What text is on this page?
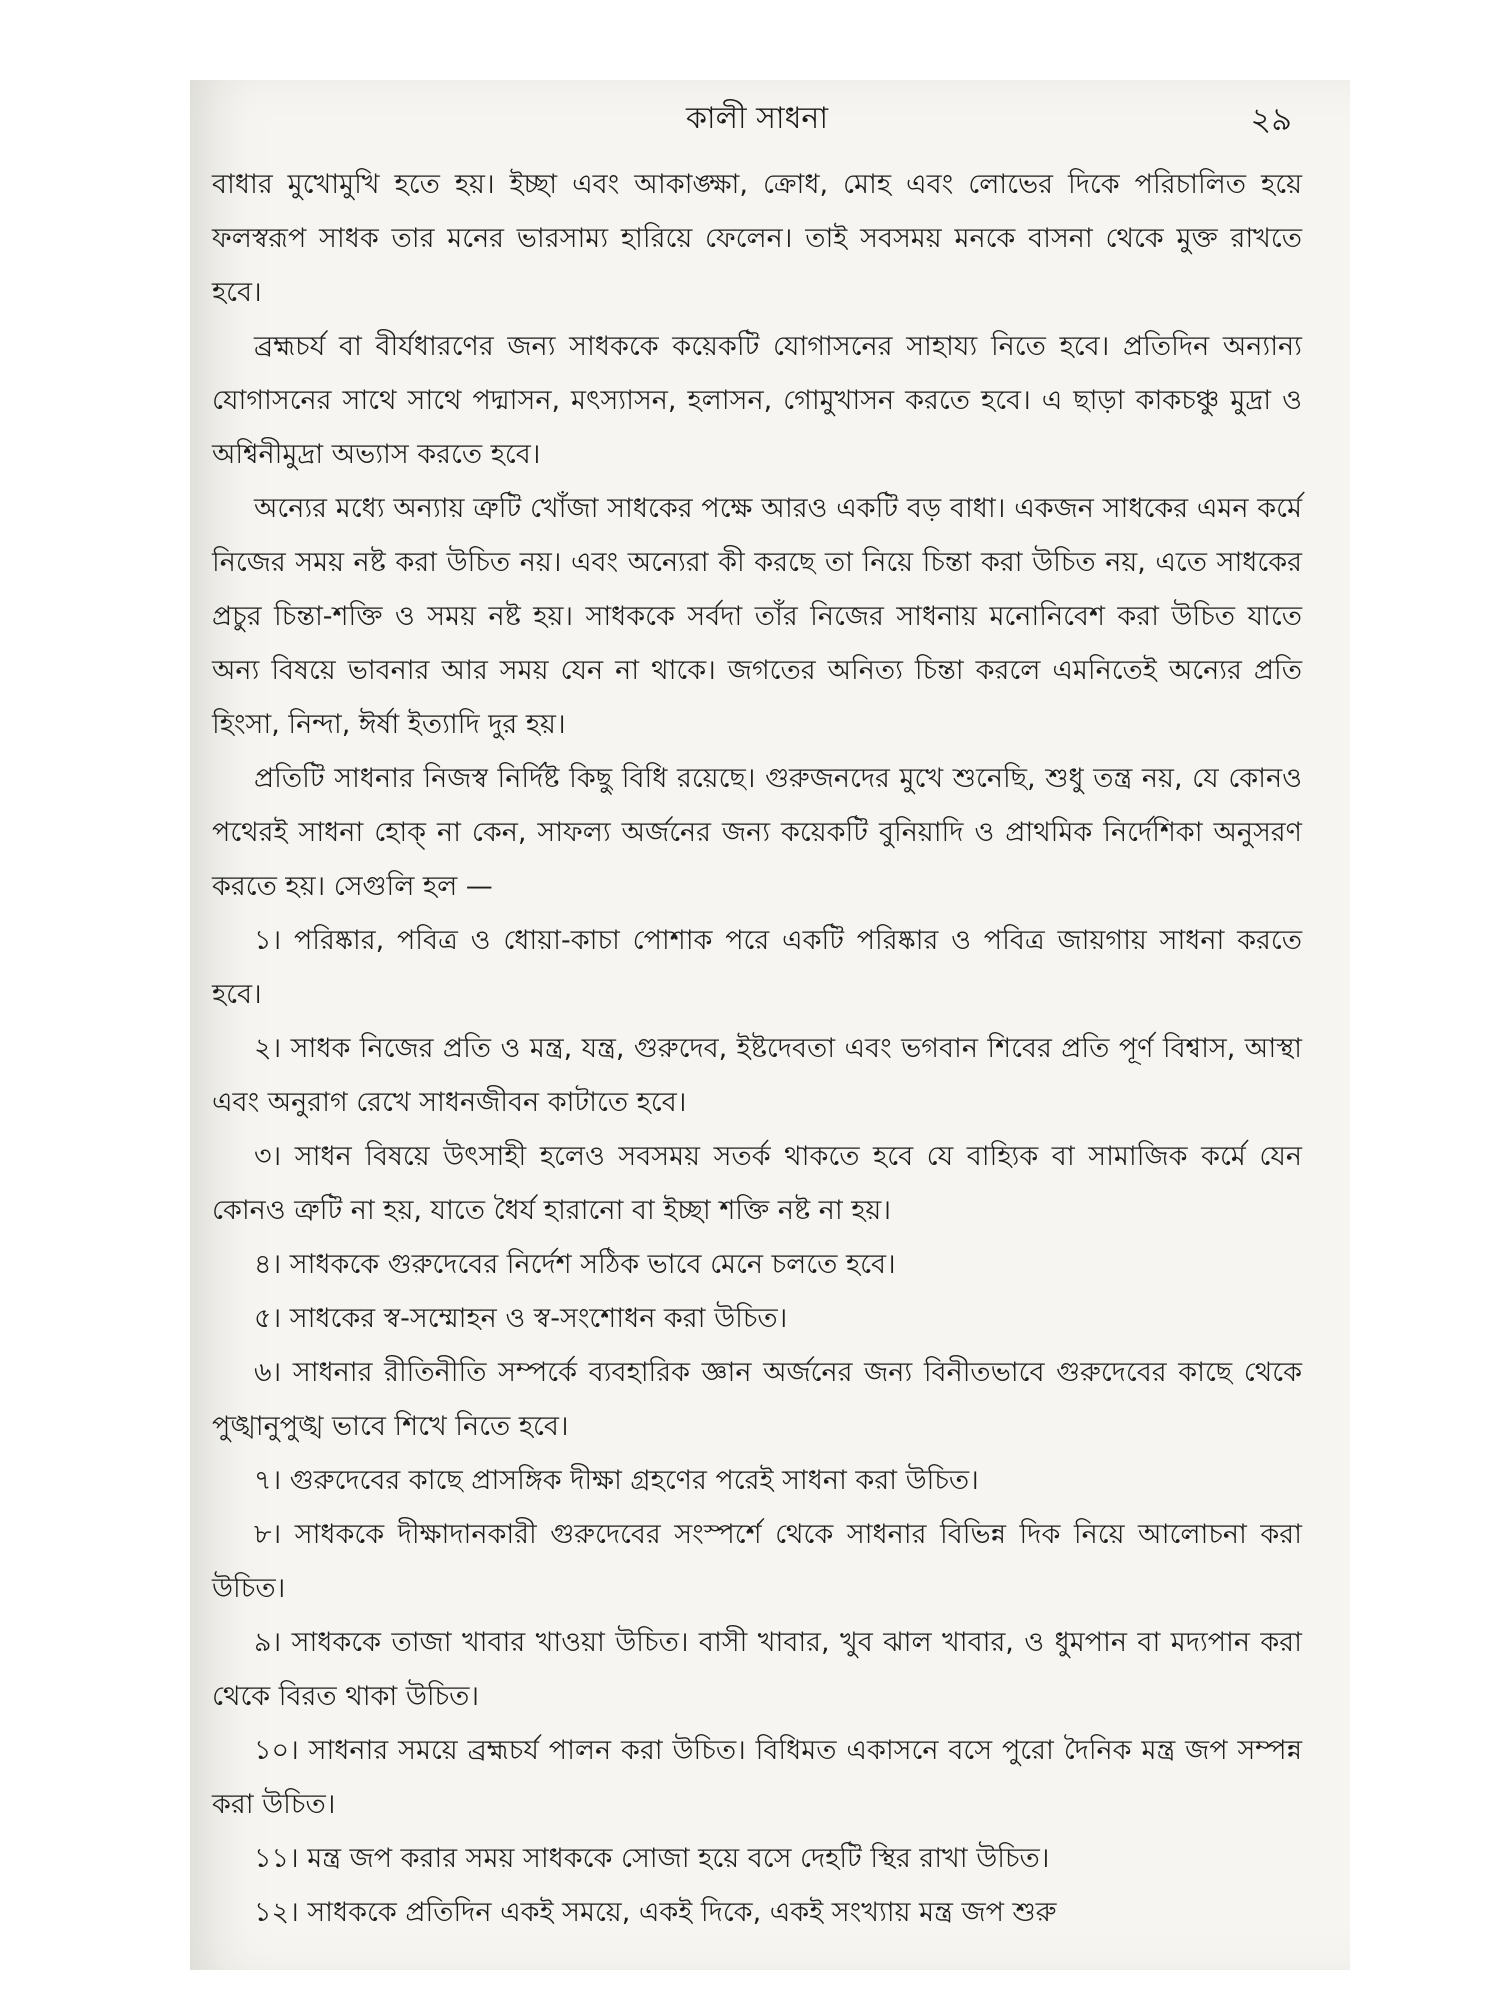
কালী সাধনা	২৯

বাধার মুখোমুখি হতে হয়। ইচ্ছা এবং আকাঙ্ক্ষা, ক্রোধ, মোহ এবং লোভের দিকে পরিচালিত হয়ে ফলস্বরূপ সাধক তার মনের ভারসাম্য হারিয়ে ফেলেন। তাই সবসময় মনকে বাসনা থেকে মুক্ত রাখতে হবে।

ব্রহ্মচর্য বা বীর্যধারণের জন্য সাধককে কয়েকটি যোগাসনের সাহায্য নিতে হবে। প্রতিদিন অন্যান্য যোগাসনের সাথে সাথে পদ্মাসন, মৎস্যাসন, হলাসন, গোমুখাসন করতে হবে। এ ছাড়া কাকচঞ্চু মুদ্রা ও অশ্বিনীমুদ্রা অভ্যাস করতে হবে।

অন্যের মধ্যে অন্যায় ত্রুটি খোঁজা সাধকের পক্ষে আরও একটি বড় বাধা। একজন সাধকের এমন কর্মে নিজের সময় নষ্ট করা উচিত নয়। এবং অন্যেরা কী করছে তা নিয়ে চিন্তা করা উচিত নয়, এতে সাধকের প্রচুর চিন্তা-শক্তি ও সময় নষ্ট হয়। সাধককে সর্বদা তাঁর নিজের সাধনায় মনোনিবেশ করা উচিত যাতে অন্য বিষয়ে ভাবনার আর সময় যেন না থাকে। জগতের অনিত্য চিন্তা করলে এমনিতেই অন্যের প্রতি হিংসা, নিন্দা, ঈর্ষা ইত্যাদি দুর হয়।

প্রতিটি সাধনার নিজস্ব নির্দিষ্ট কিছু বিধি রয়েছে। গুরুজনদের মুখে শুনেছি, শুধু তন্ত্র নয়, যে কোনও পথেরই সাধনা হোক্ না কেন, সাফল্য অর্জনের জন্য কয়েকটি বুনিয়াদি ও প্রাথমিক নির্দেশিকা অনুসরণ করতে হয়। সেগুলি হল —

১। পরিষ্কার, পবিত্র ও ধোয়া-কাচা পোশাক পরে একটি পরিষ্কার ও পবিত্র জায়গায় সাধনা করতে হবে।

২। সাধক নিজের প্রতি ও মন্ত্র, যন্ত্র, গুরুদেব, ইষ্টদেবতা এবং ভগবান শিবের প্রতি পূর্ণ বিশ্বাস, আস্থা এবং অনুরাগ রেখে সাধনজীবন কাটাতে হবে।

৩। সাধন বিষয়ে উৎসাহী হলেও সবসময় সতর্ক থাকতে হবে যে বাহ্যিক বা সামাজিক কর্মে যেন কোনও ত্রুটি না হয়, যাতে ধৈর্য হারানো বা ইচ্ছা শক্তি নষ্ট না হয়।

৪। সাধককে গুরুদেবের নির্দেশ সঠিক ভাবে মেনে চলতে হবে।

৫। সাধকের স্ব-সম্মোহন ও স্ব-সংশোধন করা উচিত।

৬। সাধনার রীতিনীতি সম্পর্কে ব্যবহারিক জ্ঞান অর্জনের জন্য বিনীতভাবে গুরুদেবের কাছে থেকে পুঙ্খানুপুঙ্খ ভাবে শিখে নিতে হবে।

৭। গুরুদেবের কাছে প্রাসঙ্গিক দীক্ষা গ্রহণের পরেই সাধনা করা উচিত।

৮। সাধককে দীক্ষাদানকারী গুরুদেবের সংস্পর্শে থেকে সাধনার বিভিন্ন দিক নিয়ে আলোচনা করা উচিত।

৯। সাধককে তাজা খাবার খাওয়া উচিত। বাসী খাবার, খুব ঝাল খাবার, ও ধুমপান বা মদ্যপান করা থেকে বিরত থাকা উচিত।

১০। সাধনার সময়ে ব্রহ্মচর্য পালন করা উচিত। বিধিমত একাসনে বসে পুরো দৈনিক মন্ত্র জপ সম্পন্ন করা উচিত।

১১। মন্ত্র জপ করার সময় সাধককে সোজা হয়ে বসে দেহটি স্থির রাখা উচিত।

১২। সাধককে প্রতিদিন একই সময়ে, একই দিকে, একই সংখ্যায় মন্ত্র জপ শুরু
